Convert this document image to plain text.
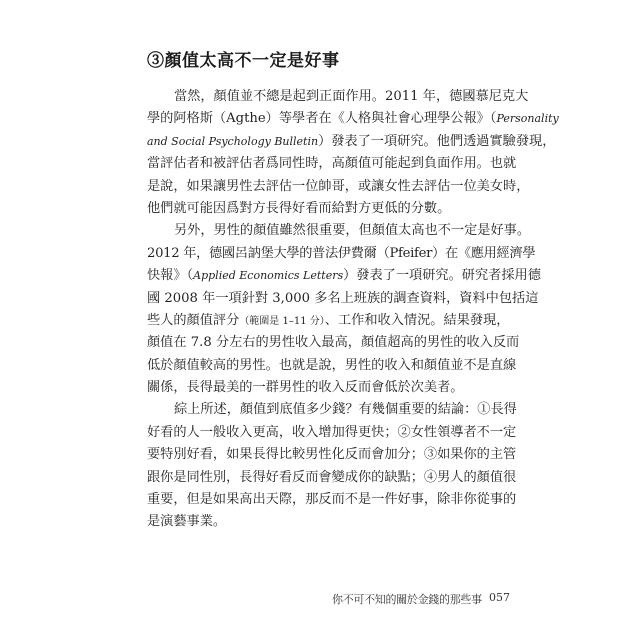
③顏值太高不一定是好事
當然，顏值並不總是起到正面作用。2011 年，德國慕尼克大
學的阿格斯（Agthe）等學者在《人格與社會心理學公報》（Personality
and Social Psychology Bulletin）發表了一項研究。他們透過實驗發現，
當評估者和被評估者爲同性時，高顏值可能起到負面作用。也就
是說，如果讓男性去評估一位帥哥，或讓女性去評估一位美女時，
他們就可能因爲對方長得好看而給對方更低的分數。
另外，男性的顏值雖然很重要，但顏值太高也不一定是好事。
2012 年，德國呂訥堡大學的普法伊費爾（Pfeifer）在《應用經濟學
快報》（Applied Economics Letters）發表了一項研究。研究者採用德
國 2008 年一項針對 3,000 多名上班族的調查資料，資料中包括這
些人的顏值評分（範圍是 1–11 分）、工作和收入情況。結果發現，
顏值在 7.8 分左右的男性收入最高，顏值超高的男性的收入反而
低於顏值較高的男性。也就是說，男性的收入和顏值並不是直線
關係，長得最美的一群男性的收入反而會低於次美者。
綜上所述，顏值到底值多少錢？有幾個重要的結論：①長得
好看的人一般收入更高，收入增加得更快；②女性領導者不一定
要特別好看，如果長得比較男性化反而會加分；③如果你的主管
跟你是同性別，長得好看反而會變成你的缺點；④男人的顏值很
重要，但是如果高出天際，那反而不是一件好事，除非你從事的
是演藝事業。
你不可不知的關於金錢的那些事 057
